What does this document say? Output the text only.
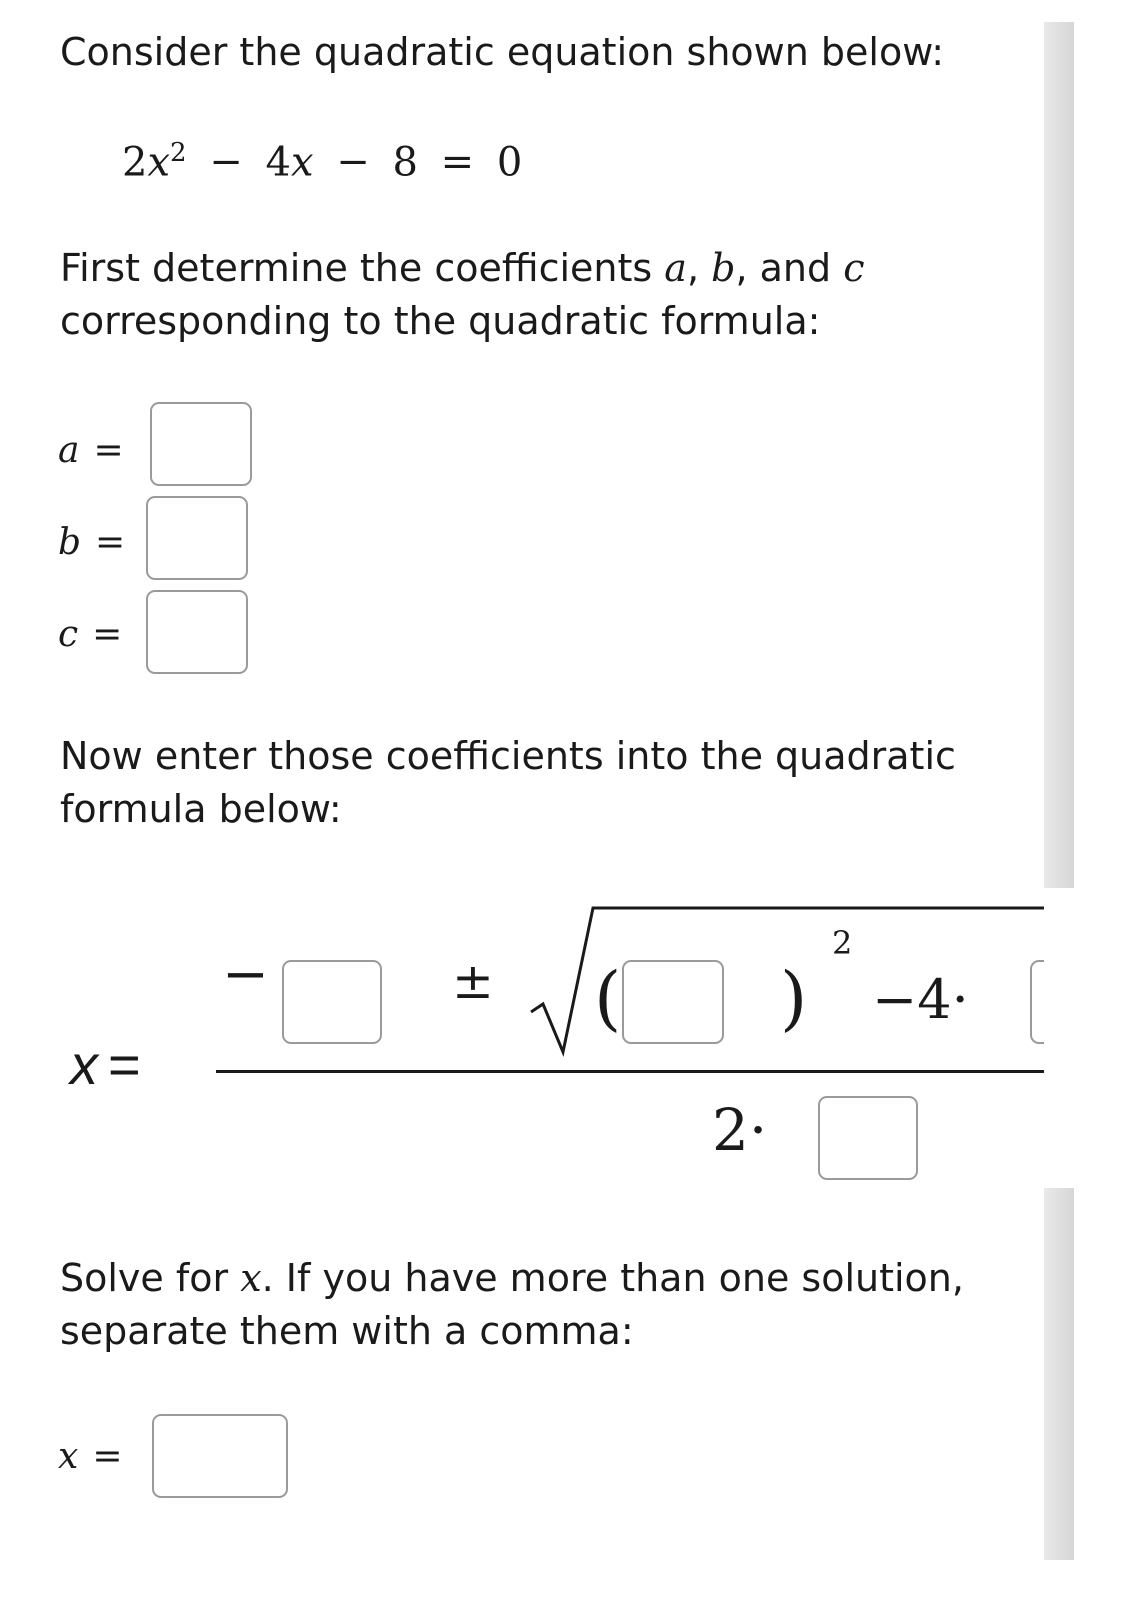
Consider the quadratic equation shown below:

$2x^2 - 4x - 8 = 0$

First determine the coefficients a, b, and c
corresponding to the quadratic formula:

a =
b =
c =

Now enter those coefficients into the quadratic
formula below:

x =
−	± ( )
2
−4·
2·

Solve for x. If you have more than one solution,
separate them with a comma:

x =
